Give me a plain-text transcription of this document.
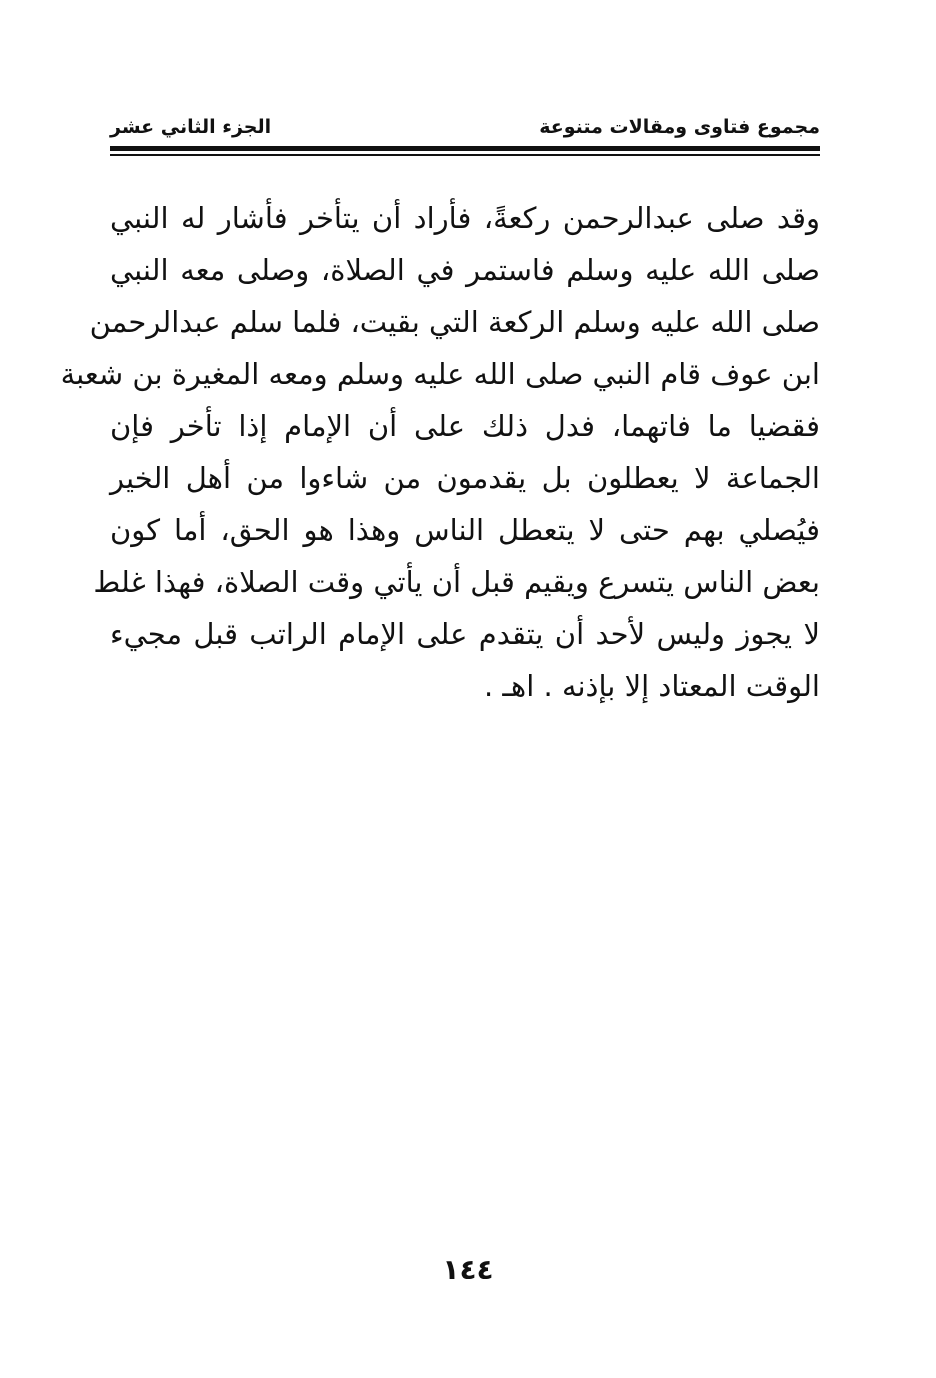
مجموع فتاوى ومقالات متنوعة
الجزء الثاني عشر
وقد صلى عبدالرحمن ركعةً، فأراد أن يتأخر فأشار له النبي
صلى الله عليه وسلم فاستمر في الصلاة، وصلى معه النبي
صلى الله عليه وسلم الركعة التي بقيت، فلما سلم عبدالرحمن
ابن عوف قام النبي صلى الله عليه وسلم ومعه المغيرة بن شعبة
فقضيا ما فاتهما، فدل ذلك على أن الإمام إذا تأخر فإن
الجماعة لا يعطلون بل يقدمون من شاءوا من أهل الخير
فيُصلي بهم حتى لا يتعطل الناس وهذا هو الحق، أما كون
بعض الناس يتسرع ويقيم قبل أن يأتي وقت الصلاة، فهذا غلط
لا يجوز وليس لأحد أن يتقدم على الإمام الراتب قبل مجيء
الوقت المعتاد إلا بإذنه . اهـ .
١٤٤
